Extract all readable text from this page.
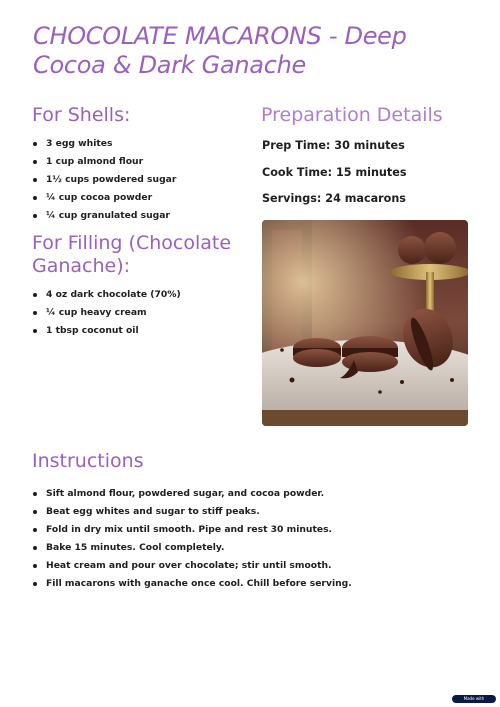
CHOCOLATE MACARONS - Deep Cocoa & Dark Ganache
For Shells:
3 egg whites
1 cup almond flour
1½ cups powdered sugar
¼ cup cocoa powder
¼ cup granulated sugar
For Filling (Chocolate Ganache):
4 oz dark chocolate (70%)
¼ cup heavy cream
1 tbsp coconut oil
Preparation Details

Prep Time: 30 minutes

Cook Time: 15 minutes

Servings: 24 macarons

Instructions
Sift almond flour, powdered sugar, and cocoa powder.
Beat egg whites and sugar to stiff peaks.
Fold in dry mix until smooth. Pipe and rest 30 minutes.
Bake 15 minutes. Cool completely.
Heat cream and pour over chocolate; stir until smooth.
Fill macarons with ganache once cool. Chill before serving.
Made with
